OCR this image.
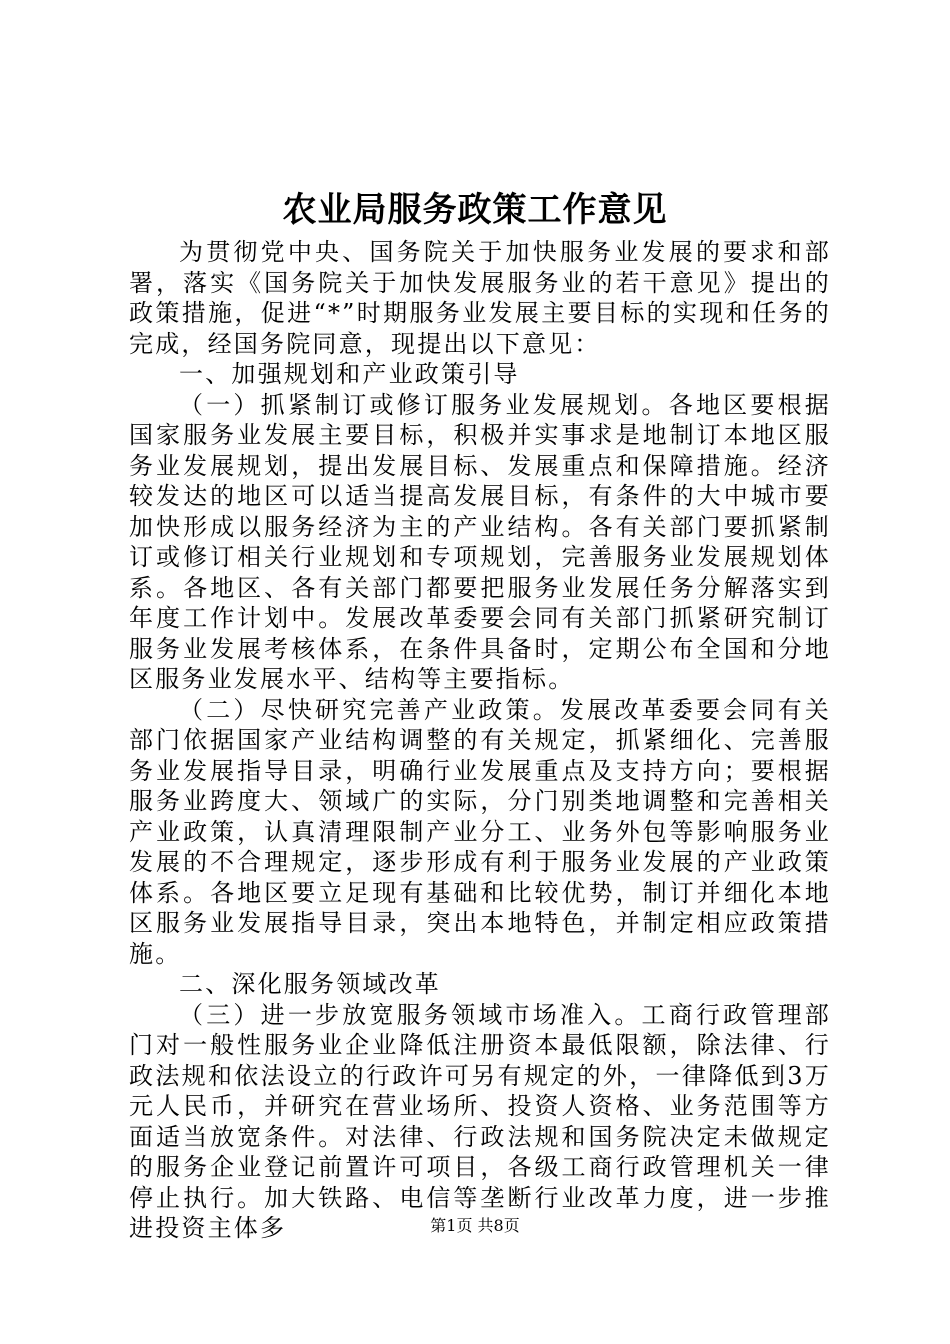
农业局服务政策工作意见

为贯彻党中央、国务院关于加快服务业发展的要求和部署，落实《国务院关于加快发展服务业的若干意见》提出的政策措施，促进“*”时期服务业发展主要目标的实现和任务的完成，经国务院同意，现提出以下意见：

一、加强规划和产业政策引导

（一）抓紧制订或修订服务业发展规划。各地区要根据国家服务业发展主要目标，积极并实事求是地制订本地区服务业发展规划，提出发展目标、发展重点和保障措施。经济较发达的地区可以适当提高发展目标，有条件的大中城市要加快形成以服务经济为主的产业结构。各有关部门要抓紧制订或修订相关行业规划和专项规划，完善服务业发展规划体系。各地区、各有关部门都要把服务业发展任务分解落实到年度工作计划中。发展改革委要会同有关部门抓紧研究制订服务业发展考核体系，在条件具备时，定期公布全国和分地区服务业发展水平、结构等主要指标。

（二）尽快研究完善产业政策。发展改革委要会同有关部门依据国家产业结构调整的有关规定，抓紧细化、完善服务业发展指导目录，明确行业发展重点及支持方向；要根据服务业跨度大、领域广的实际，分门别类地调整和完善相关产业政策，认真清理限制产业分工、业务外包等影响服务业发展的不合理规定，逐步形成有利于服务业发展的产业政策体系。各地区要立足现有基础和比较优势，制订并细化本地区服务业发展指导目录，突出本地特色，并制定相应政策措施。

二、深化服务领域改革

（三）进一步放宽服务领域市场准入。工商行政管理部门对一般性服务业企业降低注册资本最低限额，除法律、行政法规和依法设立的行政许可另有规定的外，一律降低到3万元人民币，并研究在营业场所、投资人资格、业务范围等方面适当放宽条件。对法律、行政法规和国务院决定未做规定的服务企业登记前置许可项目，各级工商行政管理机关一律停止执行。加大铁路、电信等垄断行业改革力度，进一步推进投资主体多	第1页 共8页
